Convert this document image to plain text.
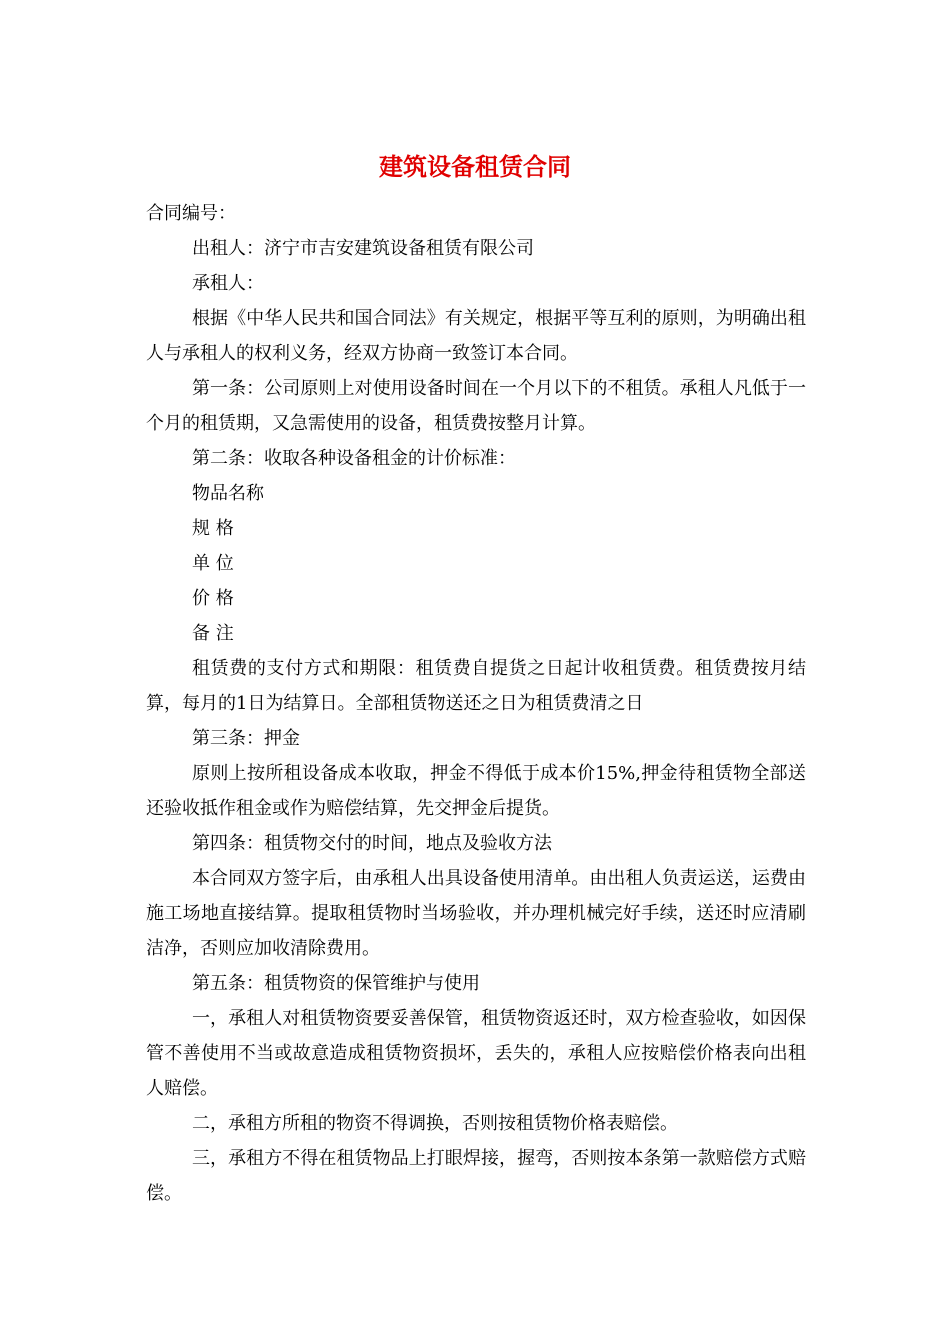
建筑设备租赁合同

合同编号：

出租人：济宁市吉安建筑设备租赁有限公司

承租人：

根据《中华人民共和国合同法》有关规定，根据平等互利的原则，为明确出租人与承租人的权利义务，经双方协商一致签订本合同。

第一条：公司原则上对使用设备时间在一个月以下的不租赁。承租人凡低于一个月的租赁期，又急需使用的设备，租赁费按整月计算。

第二条：收取各种设备租金的计价标准：

物品名称

规 格

单 位

价 格

备 注

租赁费的支付方式和期限：租赁费自提货之日起计收租赁费。租赁费按月结算，每月的1日为结算日。全部租赁物送还之日为租赁费清之日

第三条：押金

原则上按所租设备成本收取，押金不得低于成本价15%,押金待租赁物全部送还验收抵作租金或作为赔偿结算，先交押金后提货。

第四条：租赁物交付的时间，地点及验收方法

本合同双方签字后，由承租人出具设备使用清单。由出租人负责运送，运费由施工场地直接结算。提取租赁物时当场验收，并办理机械完好手续，送还时应清刷洁净，否则应加收清除费用。

第五条：租赁物资的保管维护与使用

一，承租人对租赁物资要妥善保管，租赁物资返还时，双方检查验收，如因保管不善使用不当或故意造成租赁物资损坏，丢失的，承租人应按赔偿价格表向出租人赔偿。

二，承租方所租的物资不得调换，否则按租赁物价格表赔偿。

三，承租方不得在租赁物品上打眼焊接，握弯，否则按本条第一款赔偿方式赔偿。
